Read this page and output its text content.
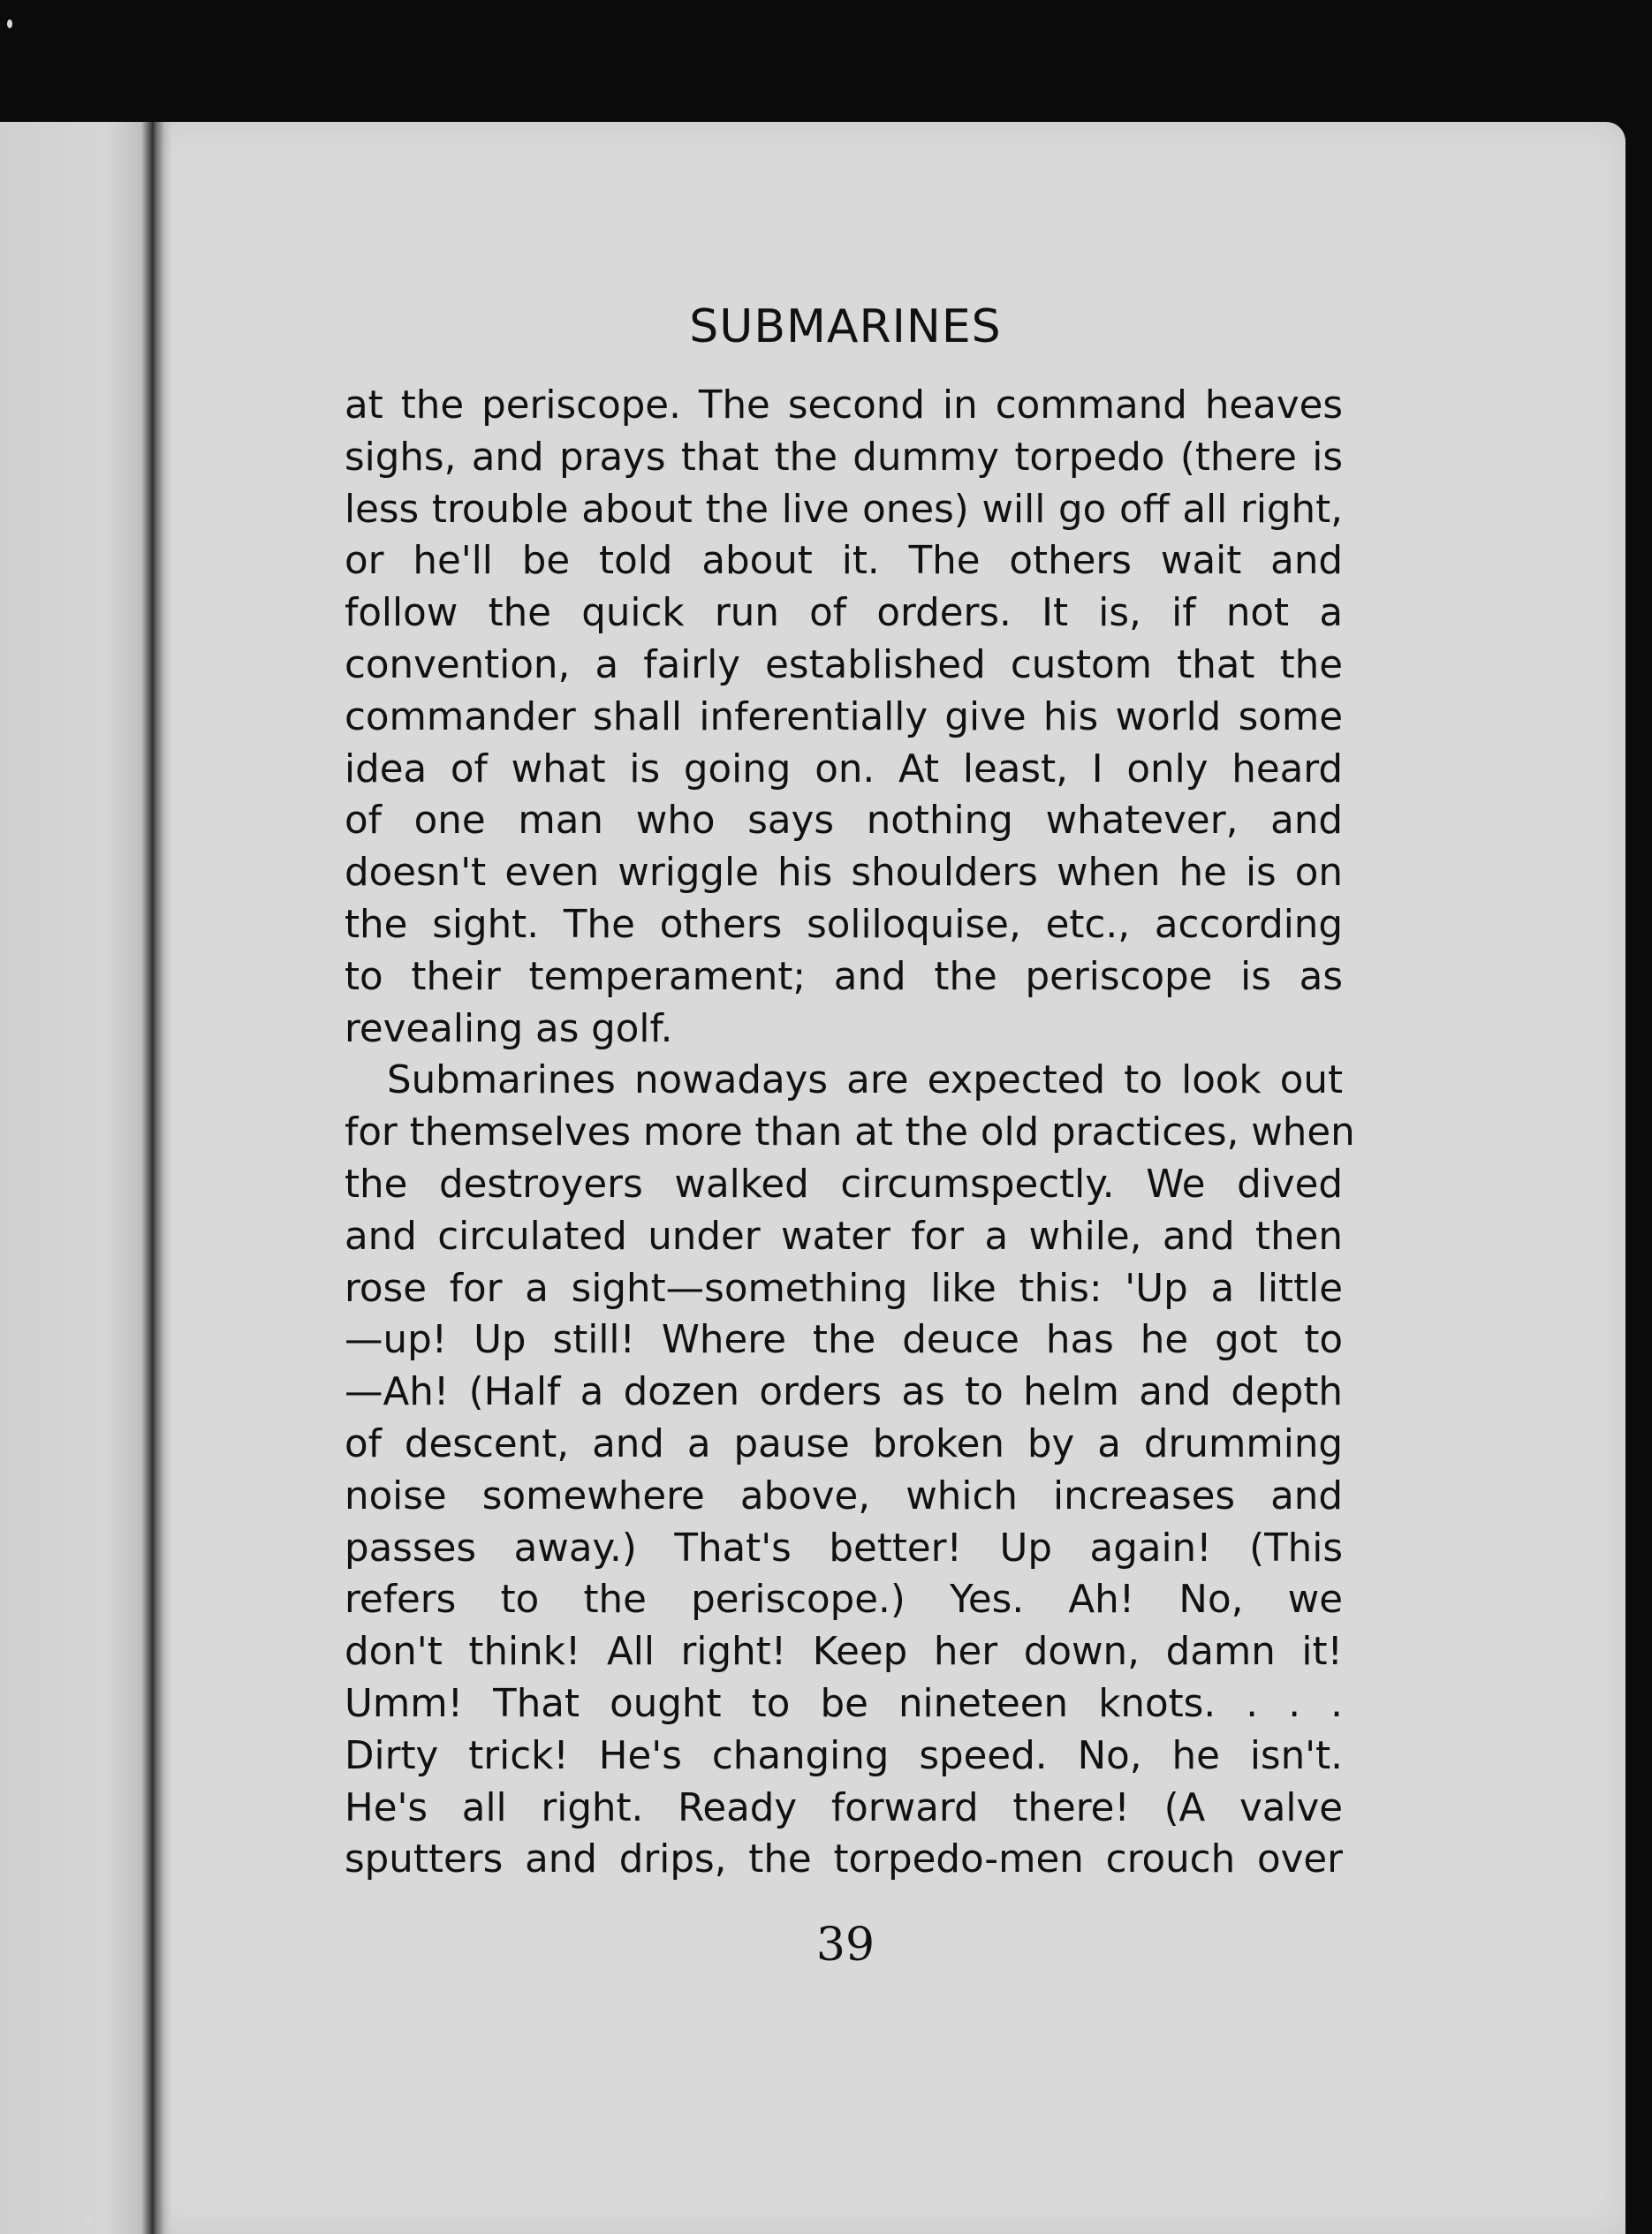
SUBMARINES
at the periscope. The second in command heaves
sighs, and prays that the dummy torpedo (there is
less trouble about the live ones) will go off all right,
or he'll be told about it. The others wait and
follow the quick run of orders. It is, if not a
convention, a fairly established custom that the
commander shall inferentially give his world some
idea of what is going on. At least, I only heard
of one man who says nothing whatever, and
doesn't even wriggle his shoulders when he is on
the sight. The others soliloquise, etc., according
to their temperament; and the periscope is as
revealing as golf.
Submarines nowadays are expected to look out
for themselves more than at the old practices, when
the destroyers walked circumspectly. We dived
and circulated under water for a while, and then
rose for a sight—something like this: 'Up a little
—up! Up still! Where the deuce has he got to
—Ah! (Half a dozen orders as to helm and depth
of descent, and a pause broken by a drumming
noise somewhere above, which increases and
passes away.) That's better! Up again! (This
refers to the periscope.) Yes. Ah! No, we
don't think! All right! Keep her down, damn it!
Umm! That ought to be nineteen knots. . . .
Dirty trick! He's changing speed. No, he isn't.
He's all right. Ready forward there! (A valve
sputters and drips, the torpedo-men crouch over
39
